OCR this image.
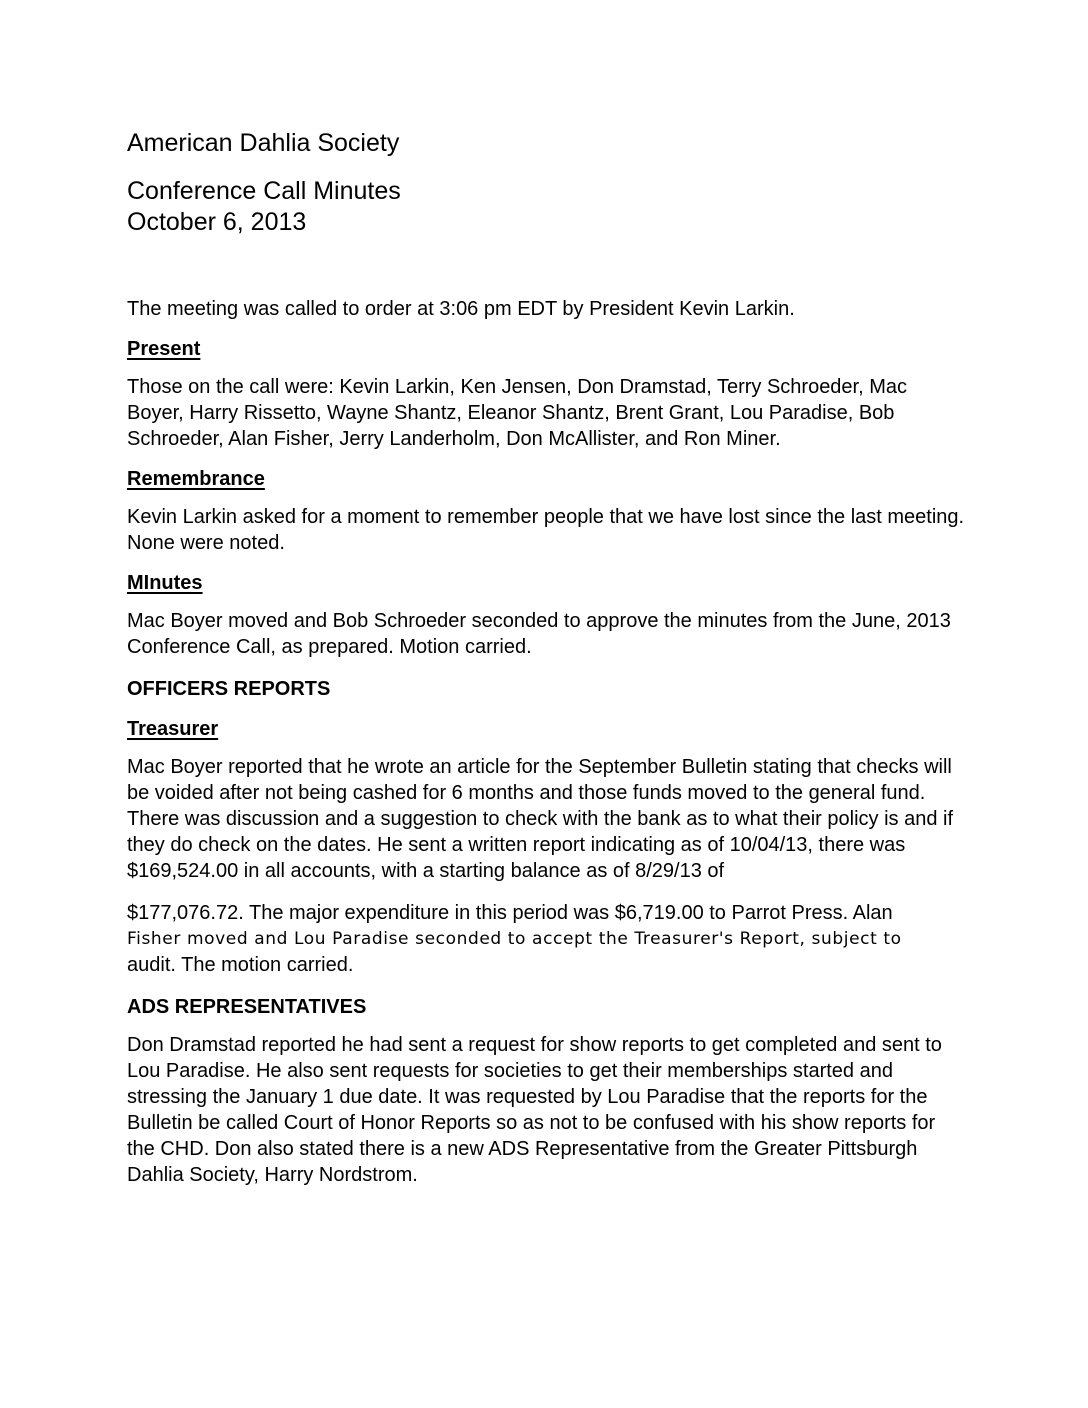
American Dahlia Society
Conference Call Minutes
October 6, 2013

The meeting was called to order at 3:06 pm EDT by President Kevin Larkin.

Present

Those on the call were: Kevin Larkin, Ken Jensen, Don Dramstad, Terry Schroeder, Mac Boyer, Harry Rissetto, Wayne Shantz, Eleanor Shantz, Brent Grant, Lou Paradise, Bob Schroeder, Alan Fisher, Jerry Landerholm, Don McAllister, and Ron Miner.

Remembrance

Kevin Larkin asked for a moment to remember people that we have lost since the last meeting. None were noted.

MInutes

Mac Boyer moved and Bob Schroeder seconded to approve the minutes from the June, 2013 Conference Call, as prepared. Motion carried.

OFFICERS REPORTS

Treasurer

Mac Boyer reported that he wrote an article for the September Bulletin stating that checks will be voided after not being cashed for 6 months and those funds moved to the general fund. There was discussion and a suggestion to check with the bank as to what their policy is and if they do check on the dates. He sent a written report indicating as of 10/04/13, there was $169,524.00 in all accounts, with a starting balance as of 8/29/13 of

$177,076.72. The major expenditure in this period was $6,719.00 to Parrot Press. Alan

Fisher moved and Lou Paradise seconded to accept the Treasurer's Report, subject to

audit. The motion carried.

ADS REPRESENTATIVES

Don Dramstad reported he had sent a request for show reports to get completed and sent to Lou Paradise. He also sent requests for societies to get their memberships started and stressing the January 1 due date. It was requested by Lou Paradise that the reports for the Bulletin be called Court of Honor Reports so as not to be confused with his show reports for the CHD. Don also stated there is a new ADS Representative from the Greater Pittsburgh Dahlia Society, Harry Nordstrom.
